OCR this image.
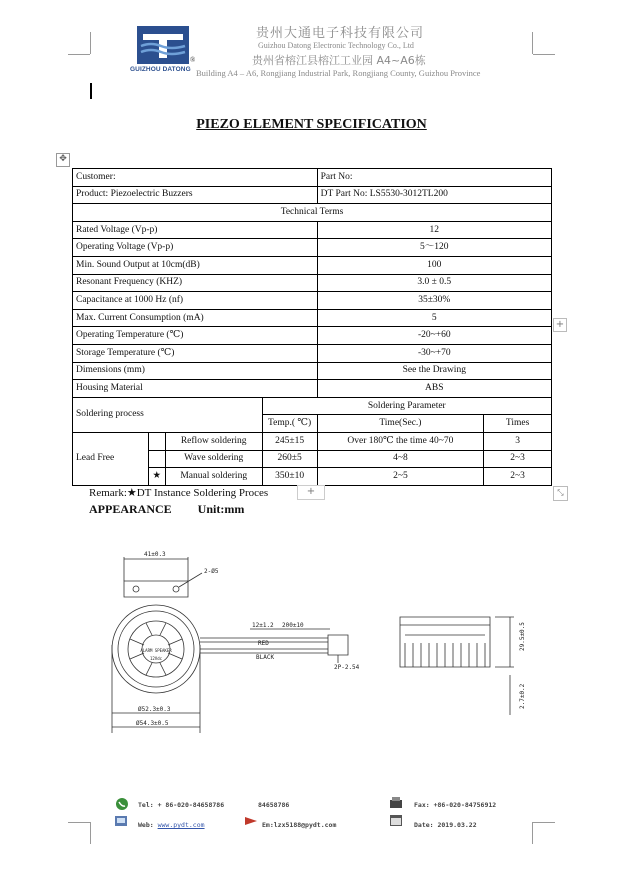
®
GUIZHOU DATONG
贵州大通电子科技有限公司
Guizhou Datong Electronic Technology Co., Ltd
贵州省榕江县榕江工业园 A4~A6栋
Building A4 – A6, Rongjiang Industrial Park, Rongjiang County, Guizhou Province
PIEZO ELEMENT SPECIFICATION
✥
+
⤡
Customer:				Part No:	
Product: Piezoelectric Buzzers				DT Part No: LS5530-3012TL200	
Technical Terms					
Rated Voltage (Vp-p)				12	
Operating Voltage (Vp-p)				5～120	
Min. Sound Output at 10cm(dB)				100	
Resonant Frequency (KHZ)				3.0 ± 0.5	
Capacitance at 1000 Hz (nf)				35±30%	
Max. Current Consumption (mA)				5	
Operating Temperature (℃)				-20~+60	
Storage Temperature (℃)				-30~+70	
Dimensions (mm)				See the Drawing	
Housing Material				ABS	
Soldering process			Soldering Parameter		
			Temp.( ℃)	Time(Sec.)	Times
Lead Free		Reflow soldering	245±15	Over 180℃ the time 40~70	3
		Wave soldering	260±5	4~8	2~3
	★	Manual soldering	350±10	2~5	2~3
Remark:★DT Instance Soldering Proces	+
APPEARANCE Unit:mm
41±0.3
2-Ø5
12±1.2 200±10
RED
BLACK
2P-2.54
Ø52.3±0.3
Ø54.3±0.5
29.5±0.5
2.7±0.2
ALARM SPEAKER
12Vdc
Tel: + 86-020-84658786	84658786	Fax: +86-020-84756912
Web: www.pydt.com	Em:lzx5188@pydt.com	Date: 2019.03.22
